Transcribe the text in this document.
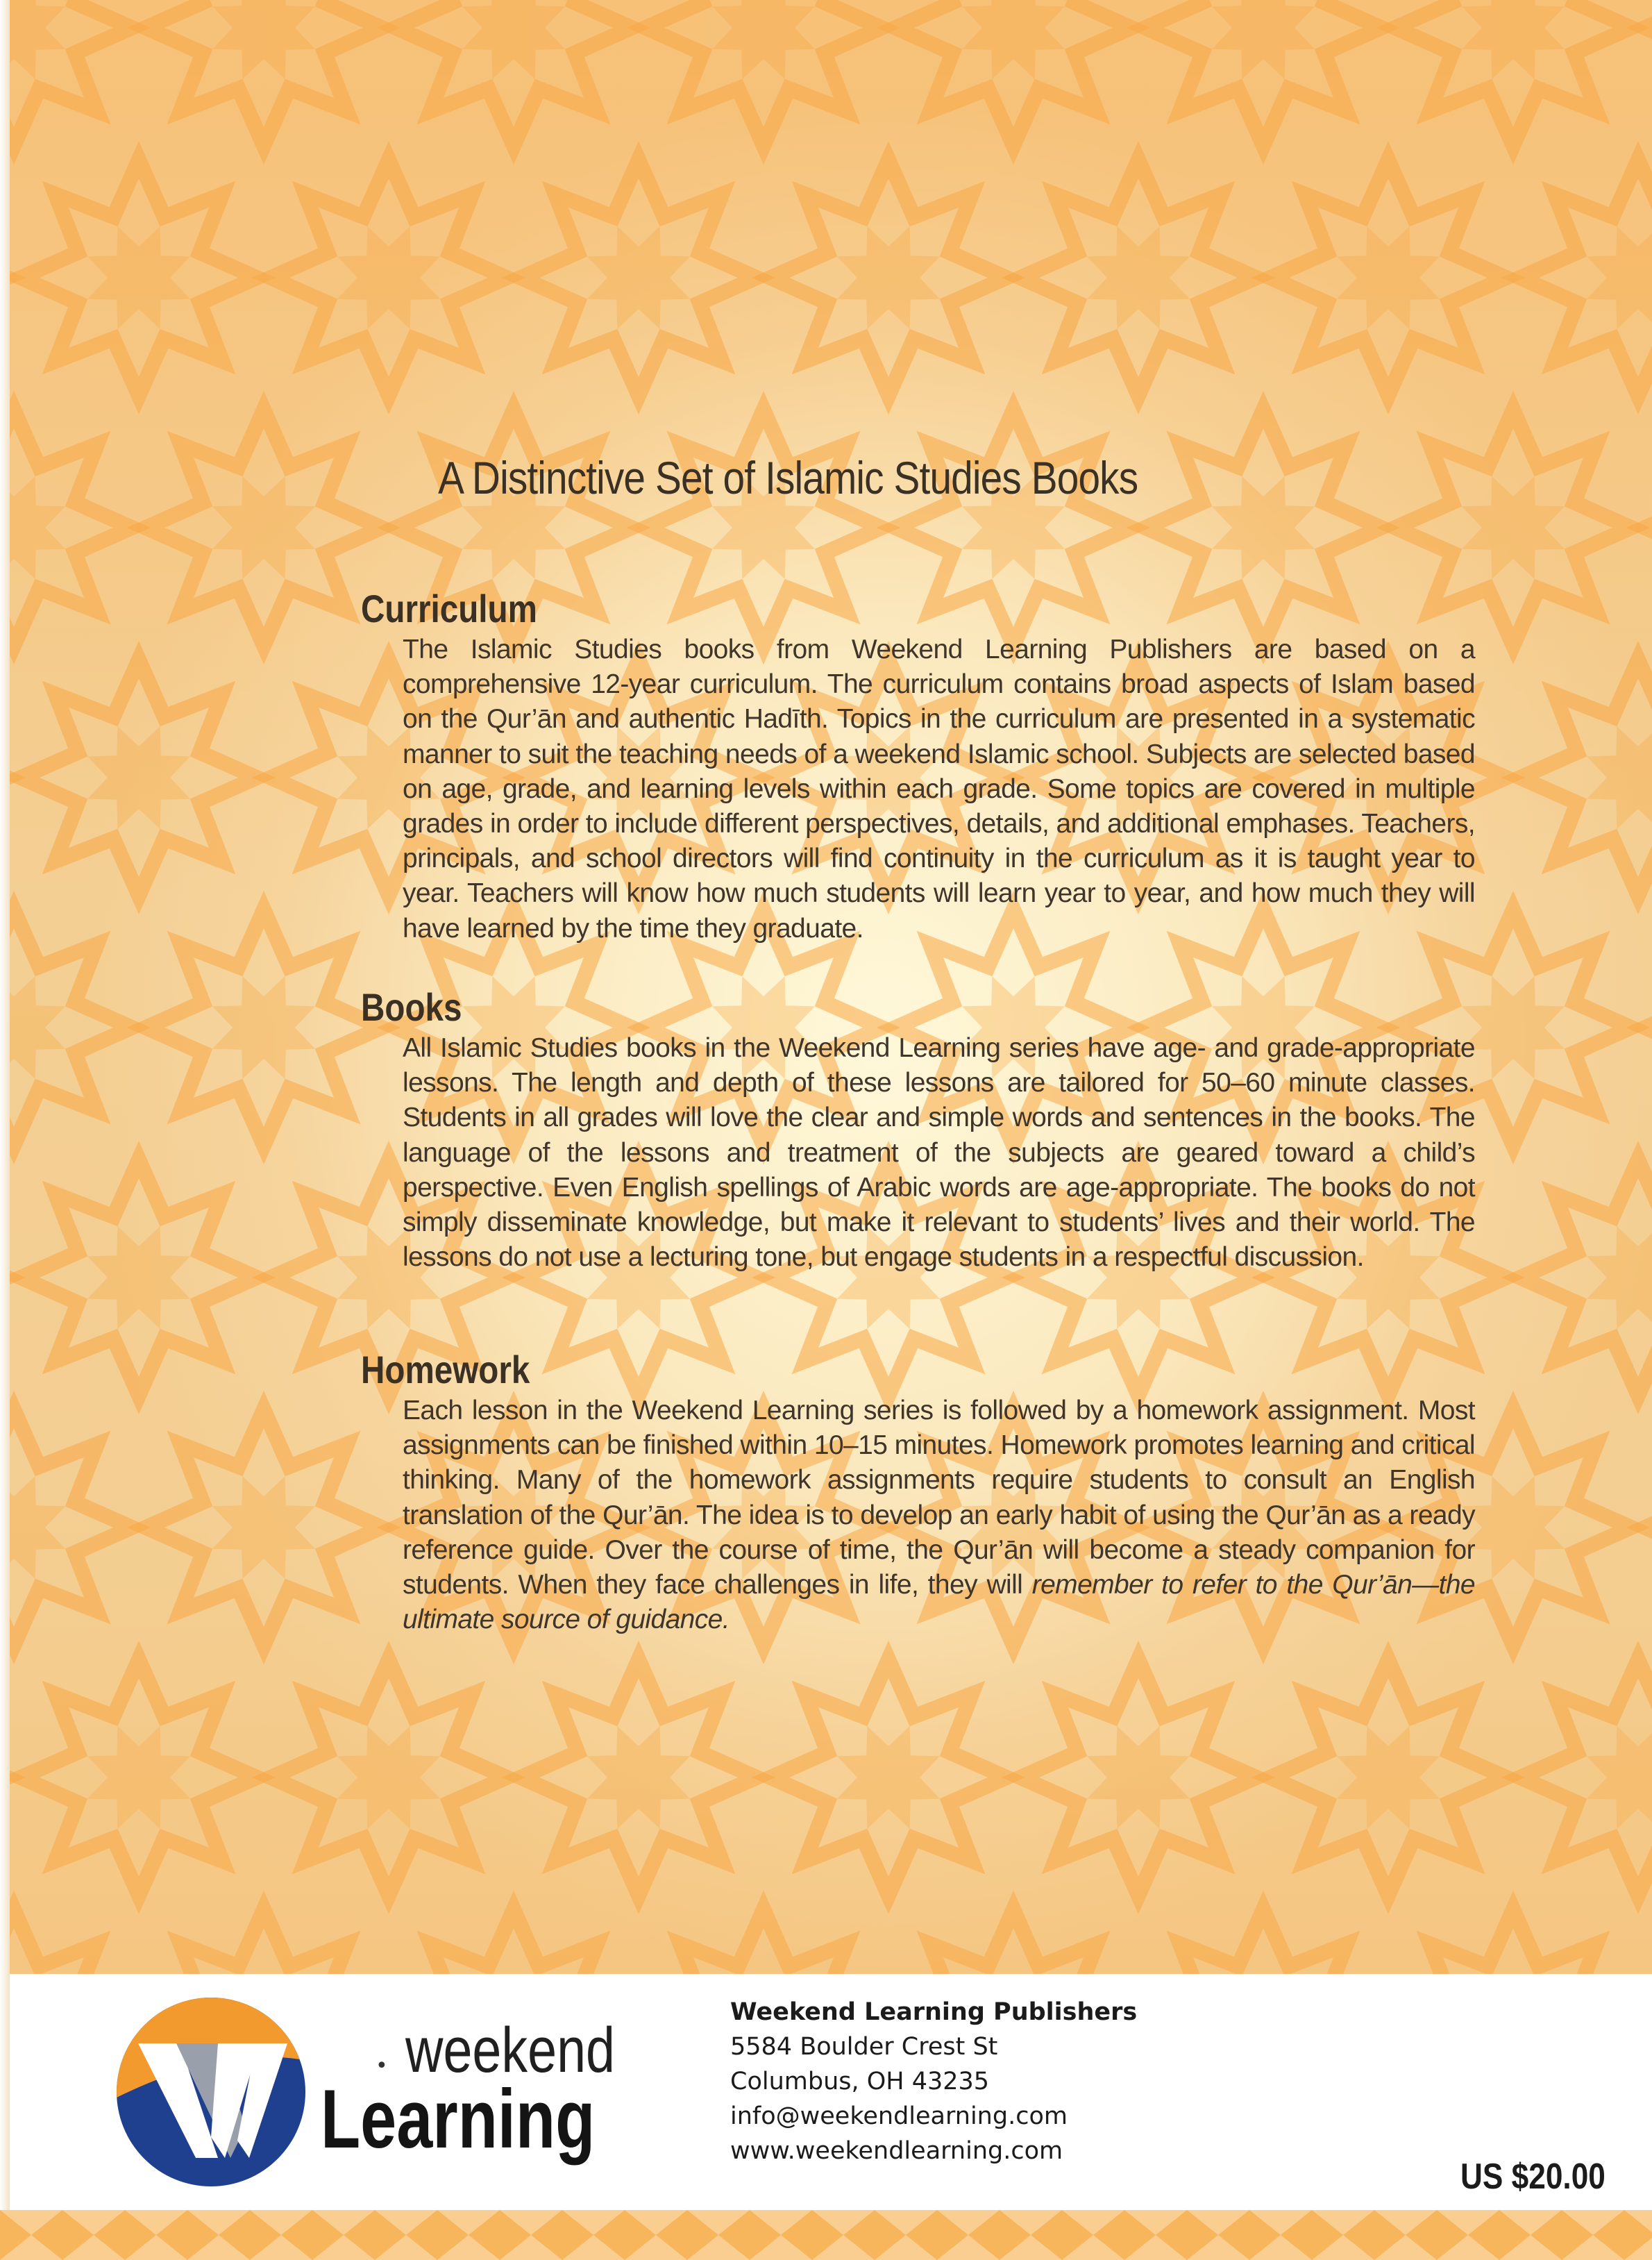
A Distinctive Set of Islamic Studies Books
Curriculum

The Islamic Studies books from Weekend Learning Publishers are based on a comprehensive 12-year curriculum. The curriculum contains broad aspects of Islam based on the Qur’ān and authentic Hadīth. Topics in the curriculum are presented in a systematic manner to suit the teaching needs of a weekend Islamic school. Subjects are selected based on age, grade, and learning levels within each grade. Some topics are covered in multiple grades in order to include different perspectives, details, and additional emphases. Teachers, principals, and school directors will find continuity in the curriculum as it is taught year to year. Teachers will know how much students will learn year to year, and how much they will have learned by the time they graduate.

Books

All Islamic Studies books in the Weekend Learning series have age- and grade-appropriate lessons. The length and depth of these lessons are tailored for 50–60 minute classes. Students in all grades will love the clear and simple words and sentences in the books. The language of the lessons and treatment of the subjects are geared toward a child’s perspective. Even English spellings of Arabic words are age-appropriate. The books do not simply disseminate knowledge, but make it relevant to students’ lives and their world. The lessons do not use a lecturing tone, but engage students in a respectful discussion.

Homework

Each lesson in the Weekend Learning series is followed by a homework assignment. Most assignments can be finished within 10–15 minutes. Homework promotes learning and critical thinking. Many of the homework assignments require students to consult an English translation of the Qur’ān. The idea is to develop an early habit of using the Qur’ān as a ready reference guide. Over the course of time, the Qur’ān will become a steady companion for students. When they face challenges in life, they will remember to refer to the Qur’ān—the ultimate source of guidance.

• weekend
Learning
Weekend Learning Publishers
5584 Boulder Crest St
Columbus, OH 43235
info@weekendlearning.com
www.weekendlearning.com
US $20.00
